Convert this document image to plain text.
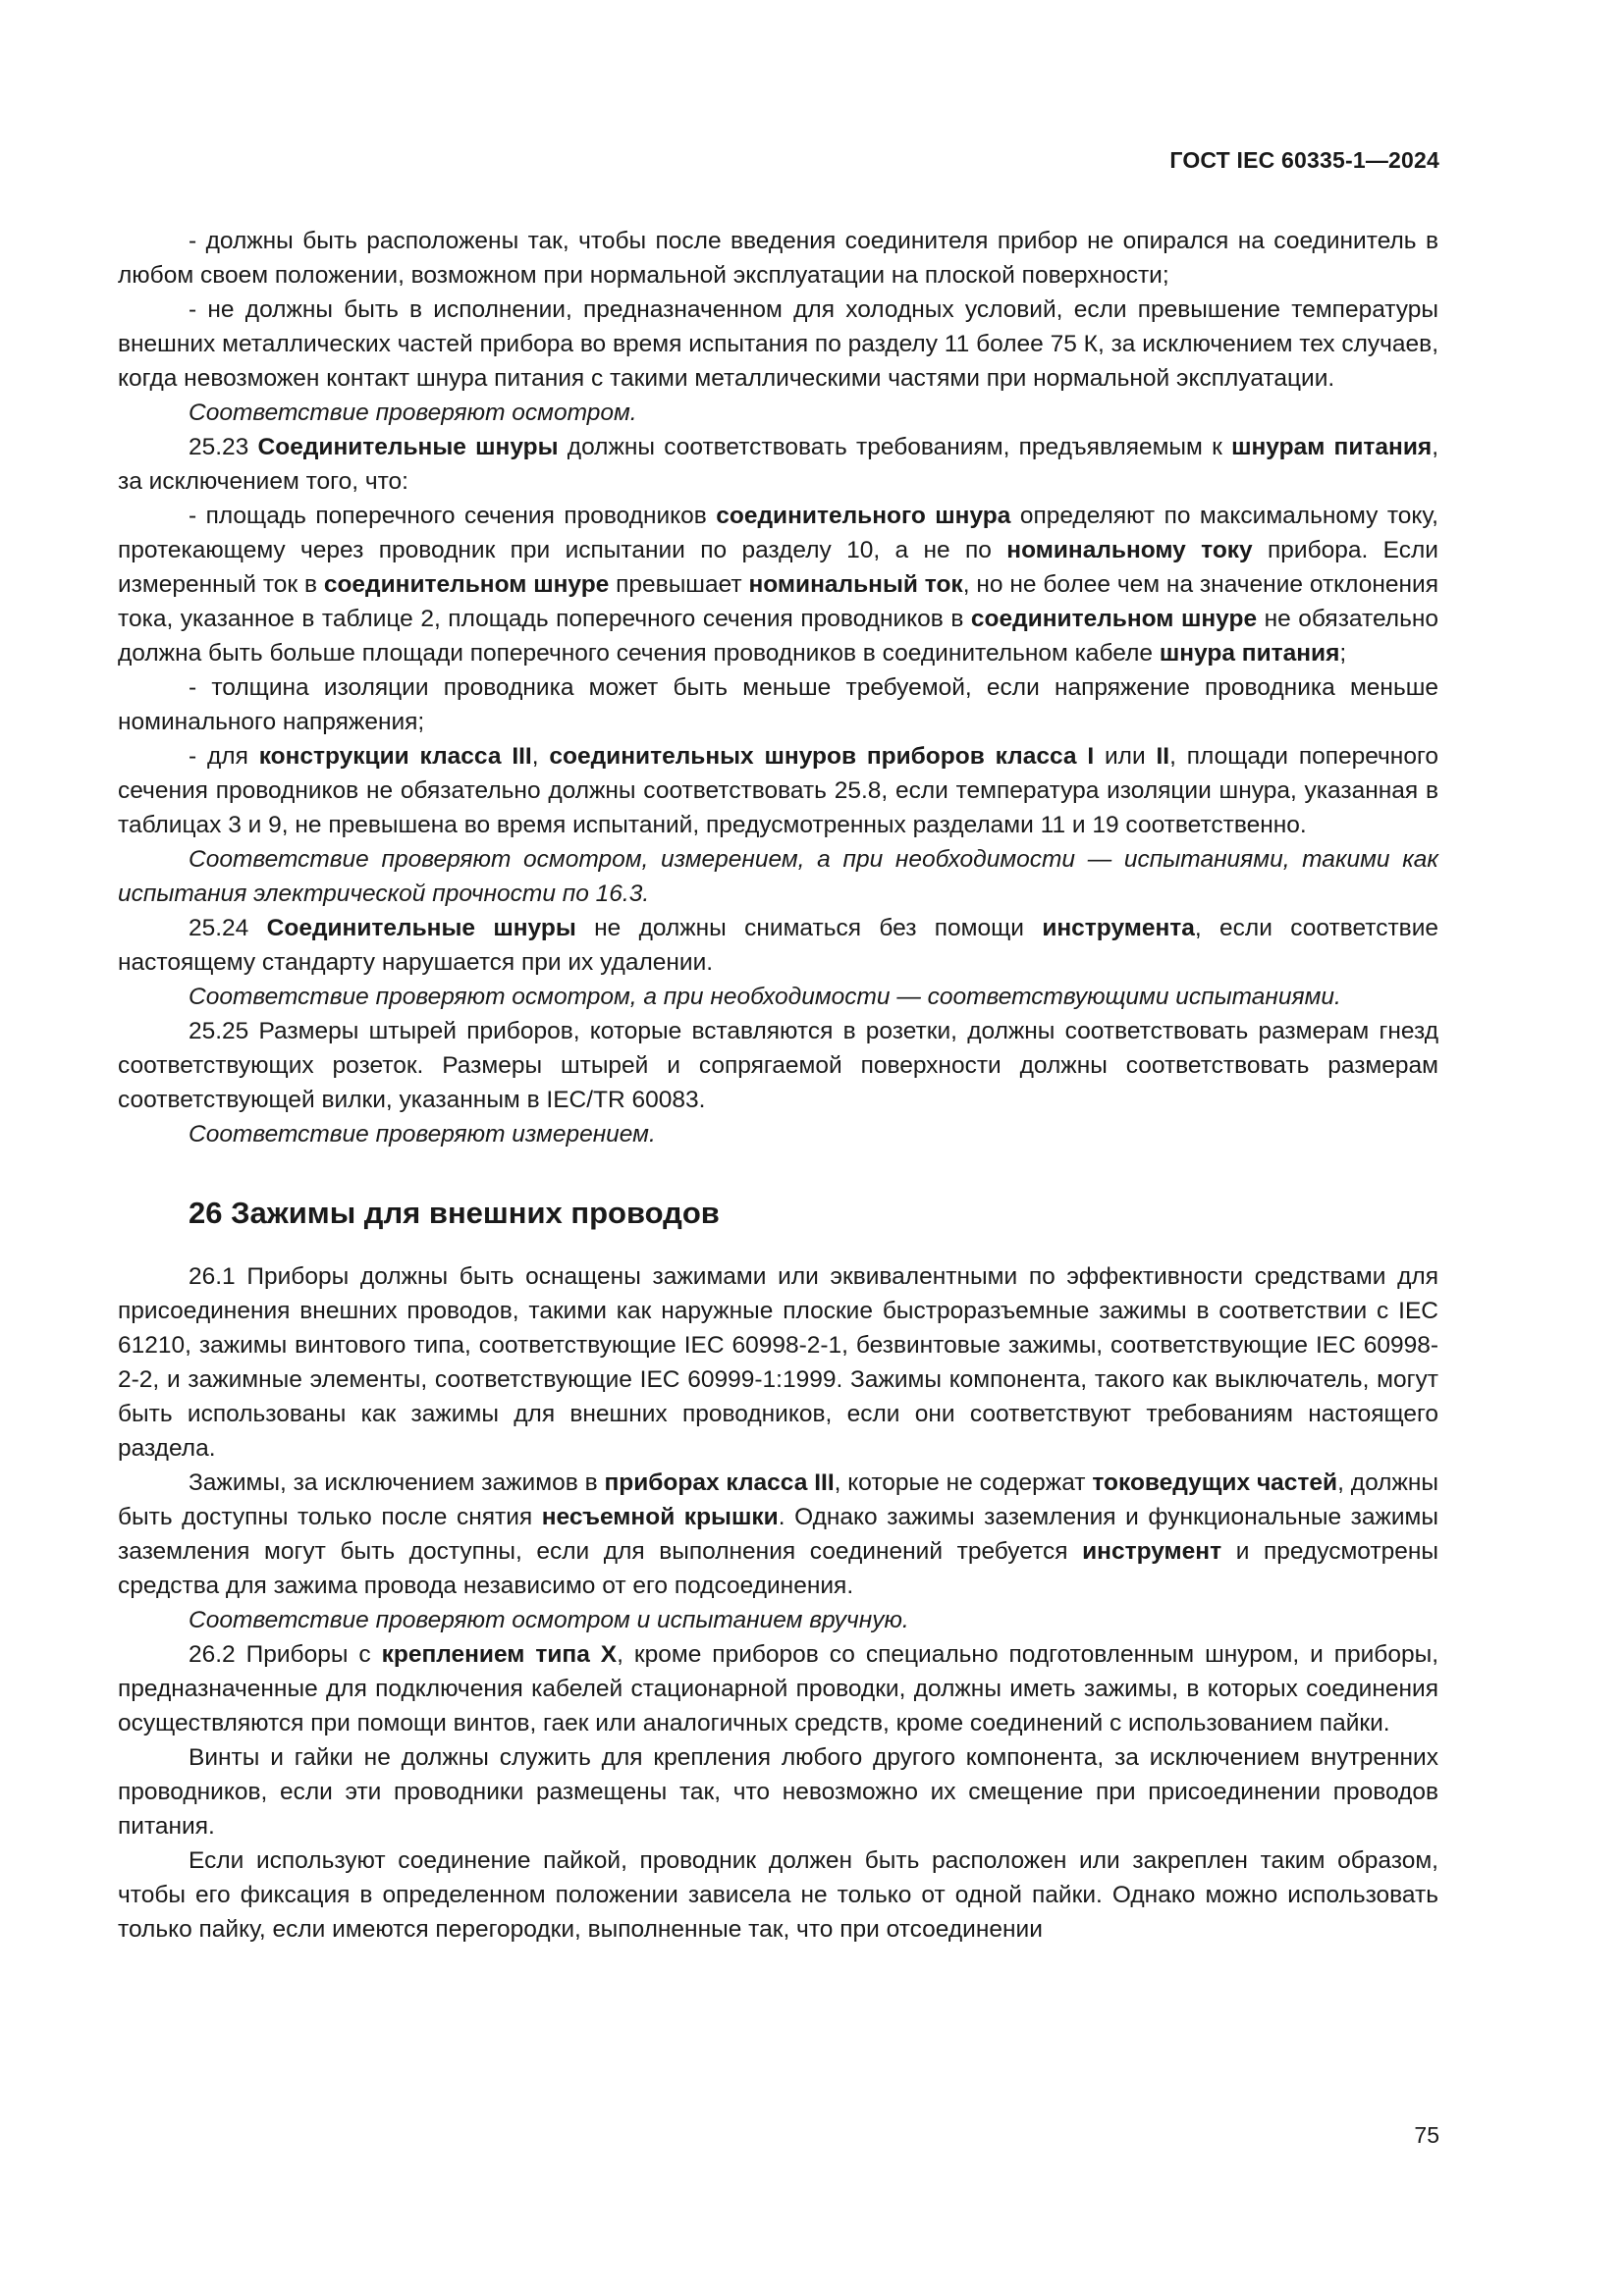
ГОСТ IEC 60335-1—2024

- должны быть расположены так, чтобы после введения соединителя прибор не опирался на соединитель в любом своем положении, возможном при нормальной эксплуатации на плоской поверхности;

- не должны быть в исполнении, предназначенном для холодных условий, если превышение температуры внешних металлических частей прибора во время испытания по разделу 11 более 75 К, за исключением тех случаев, когда невозможен контакт шнура питания с такими металлическими частями при нормальной эксплуатации.

Соответствие проверяют осмотром.

25.23 Соединительные шнуры должны соответствовать требованиям, предъявляемым к шнурам питания, за исключением того, что:

- площадь поперечного сечения проводников соединительного шнура определяют по максимальному току, протекающему через проводник при испытании по разделу 10, а не по номинальному току прибора. Если измеренный ток в соединительном шнуре превышает номинальный ток, но не более чем на значение отклонения тока, указанное в таблице 2, площадь поперечного сечения проводников в соединительном шнуре не обязательно должна быть больше площади поперечного сечения проводников в соединительном кабеле шнура питания;

- толщина изоляции проводника может быть меньше требуемой, если напряжение проводника меньше номинального напряжения;

- для конструкции класса III, соединительных шнуров приборов класса I или II, площади поперечного сечения проводников не обязательно должны соответствовать 25.8, если температура изоляции шнура, указанная в таблицах 3 и 9, не превышена во время испытаний, предусмотренных разделами 11 и 19 соответственно.

Соответствие проверяют осмотром, измерением, а при необходимости — испытаниями, такими как испытания электрической прочности по 16.3.

25.24 Соединительные шнуры не должны сниматься без помощи инструмента, если соответствие настоящему стандарту нарушается при их удалении.

Соответствие проверяют осмотром, а при необходимости — соответствующими испытаниями.

25.25 Размеры штырей приборов, которые вставляются в розетки, должны соответствовать размерам гнезд соответствующих розеток. Размеры штырей и сопрягаемой поверхности должны соответствовать размерам соответствующей вилки, указанным в IEC/TR 60083.

Соответствие проверяют измерением.

26 Зажимы для внешних проводов

26.1 Приборы должны быть оснащены зажимами или эквивалентными по эффективности средствами для присоединения внешних проводов, такими как наружные плоские быстроразъемные зажимы в соответствии с IEC 61210, зажимы винтового типа, соответствующие IEC 60998-2-1, безвинтовые зажимы, соответствующие IEC 60998-2-2, и зажимные элементы, соответствующие IEC 60999-1:1999. Зажимы компонента, такого как выключатель, могут быть использованы как зажимы для внешних проводников, если они соответствуют требованиям настоящего раздела.

Зажимы, за исключением зажимов в приборах класса III, которые не содержат токоведущих частей, должны быть доступны только после снятия несъемной крышки. Однако зажимы заземления и функциональные зажимы заземления могут быть доступны, если для выполнения соединений требуется инструмент и предусмотрены средства для зажима провода независимо от его подсоединения.

Соответствие проверяют осмотром и испытанием вручную.

26.2 Приборы с креплением типа X, кроме приборов со специально подготовленным шнуром, и приборы, предназначенные для подключения кабелей стационарной проводки, должны иметь зажимы, в которых соединения осуществляются при помощи винтов, гаек или аналогичных средств, кроме соединений с использованием пайки.

Винты и гайки не должны служить для крепления любого другого компонента, за исключением внутренних проводников, если эти проводники размещены так, что невозможно их смещение при присоединении проводов питания.

Если используют соединение пайкой, проводник должен быть расположен или закреплен таким образом, чтобы его фиксация в определенном положении зависела не только от одной пайки. Однако можно использовать только пайку, если имеются перегородки, выполненные так, что при отсоединении

75
